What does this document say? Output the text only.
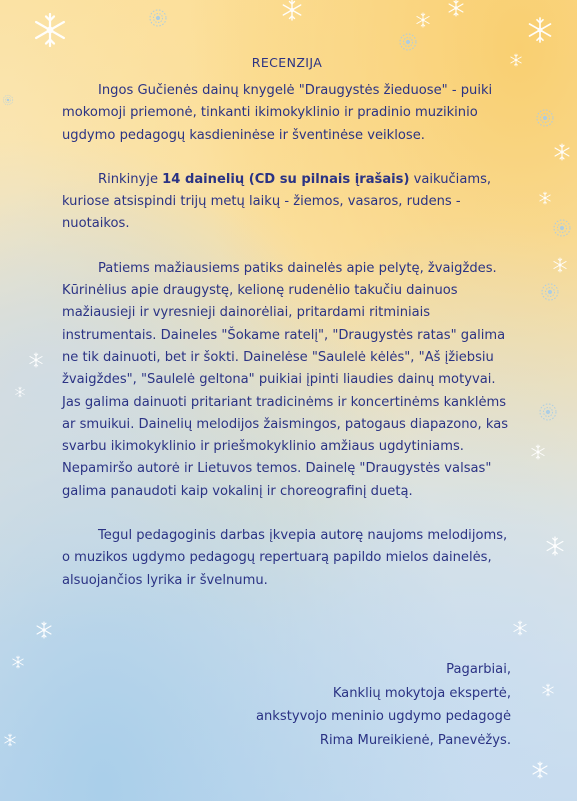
RECENZIJA

Ingos Gučienės dainų knygelė "Draugystės žieduose" - puiki mokomoji priemonė, tinkanti ikimokyklinio ir pradinio muzikinio ugdymo pedagogų kasdieninėse ir šventinėse veiklose.

Rinkinyje 14 dainelių (CD su pilnais įrašais) vaikučiams, kuriose atsispindi trijų metų laikų - žiemos, vasaros, rudens - nuotaikos.

Patiems mažiausiems patiks dainelės apie pelytę, žvaigždes. Kūrinėlius apie draugystę, kelionę rudenėlio takučiu dainuos mažiausieji ir vyresnieji dainorėliai, pritardami ritminiais instrumentais. Daineles "Šokame ratelį", "Draugystės ratas" galima ne tik dainuoti, bet ir šokti. Dainelėse "Saulelė kėlės", "Aš įžiebsiu žvaigždes", "Saulelė geltona" puikiai įpinti liaudies dainų motyvai. Jas galima dainuoti pritariant tradicinėms ir koncertinėms kanklėms ar smuikui. Dainelių melodijos žaismingos, patogaus diapazono, kas svarbu ikimokyklinio ir priešmokyklinio amžiaus ugdytiniams. Nepamiršo autorė ir Lietuvos temos. Dainelę "Draugystės valsas" galima panaudoti kaip vokalinį ir choreografinį duetą.

Tegul pedagoginis darbas įkvepia autorę naujoms melodijoms, o muzikos ugdymo pedagogų repertuarą papildo mielos dainelės, alsuojančios lyrika ir švelnumu.

Pagarbiai,
Kanklių mokytoja ekspertė,
ankstyvojo meninio ugdymo pedagogė
Rima Mureikienė, Panevėžys.
